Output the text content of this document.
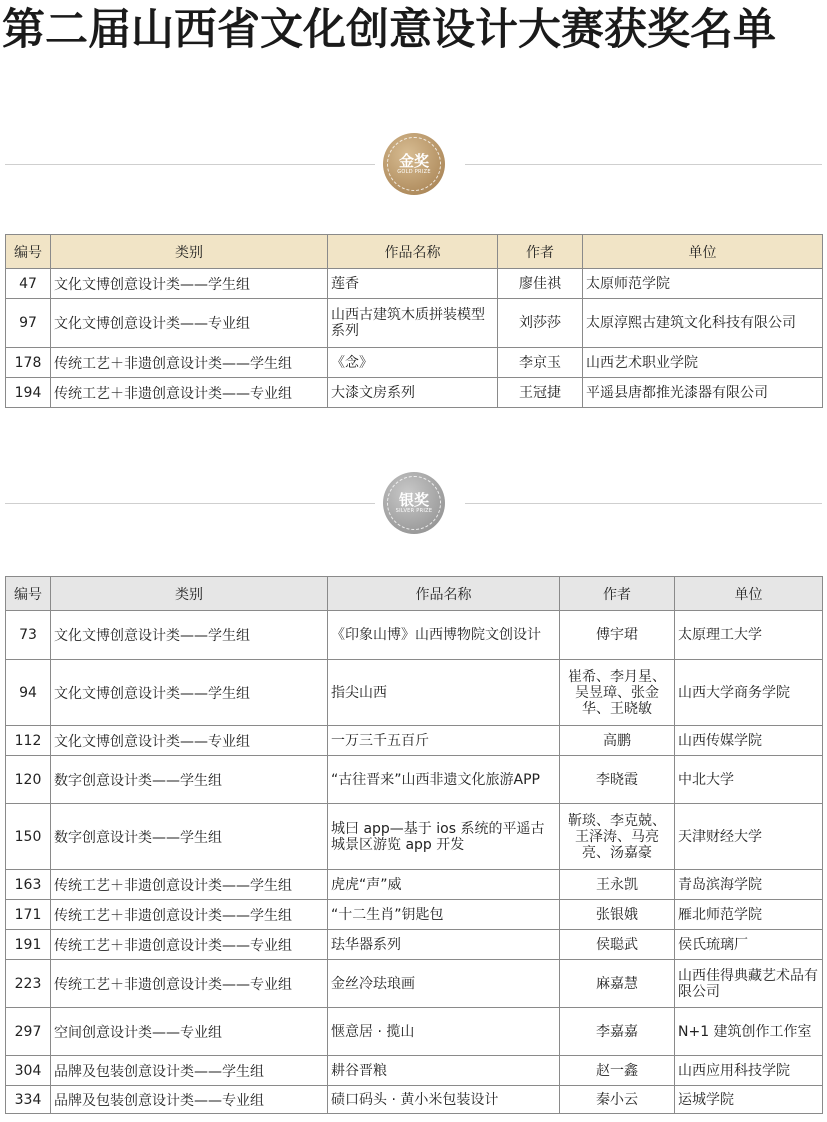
第二届山西省文化创意设计大赛获奖名单
金奖
GOLD PRIZE
编号	类别	作品名称	作者	单位
47	文化文博创意设计类——学生组	莲香	廖佳祺	太原师范学院
97	文化文博创意设计类——专业组	山西古建筑木质拼装模型系列	刘莎莎	太原淳熙古建筑文化科技有限公司
178	传统工艺＋非遗创意设计类——学生组	《念》	李京玉	山西艺术职业学院
194	传统工艺＋非遗创意设计类——专业组	大漆文房系列	王冠捷	平遥县唐都推光漆器有限公司
银奖
SILVER PRIZE
编号	类别	作品名称	作者	单位
73	文化文博创意设计类——学生组	《印象山博》山西博物院文创设计	傅宇珺	太原理工大学
94	文化文博创意设计类——学生组	指尖山西	崔希、李月星、吴昱璋、张金华、王晓敏	山西大学商务学院
112	文化文博创意设计类——专业组	一万三千五百斤	高鹏	山西传媒学院
120	数字创意设计类——学生组	“古往晋来”山西非遗文化旅游APP	李晓霞	中北大学
150	数字创意设计类——学生组	城曰 app—基于 ios 系统的平遥古城景区游览 app 开发	靳琰、李克兢、王泽涛、马亮亮、汤嘉豪	天津财经大学
163	传统工艺＋非遗创意设计类——学生组	虎虎“声”威	王永凯	青岛滨海学院
171	传统工艺＋非遗创意设计类——学生组	“十二生肖”钥匙包	张银娥	雁北师范学院
191	传统工艺＋非遗创意设计类——专业组	珐华器系列	侯聪武	侯氏琉璃厂
223	传统工艺＋非遗创意设计类——专业组	金丝冷珐琅画	麻嘉慧	山西佳得典藏艺术品有限公司
297	空间创意设计类——专业组	惬意居 · 揽山	李嘉嘉	N+1 建筑创作工作室
304	品牌及包装创意设计类——学生组	耕谷晋粮	赵一鑫	山西应用科技学院
334	品牌及包装创意设计类——专业组	碛口码头 · 黄小米包装设计	秦小云	运城学院
